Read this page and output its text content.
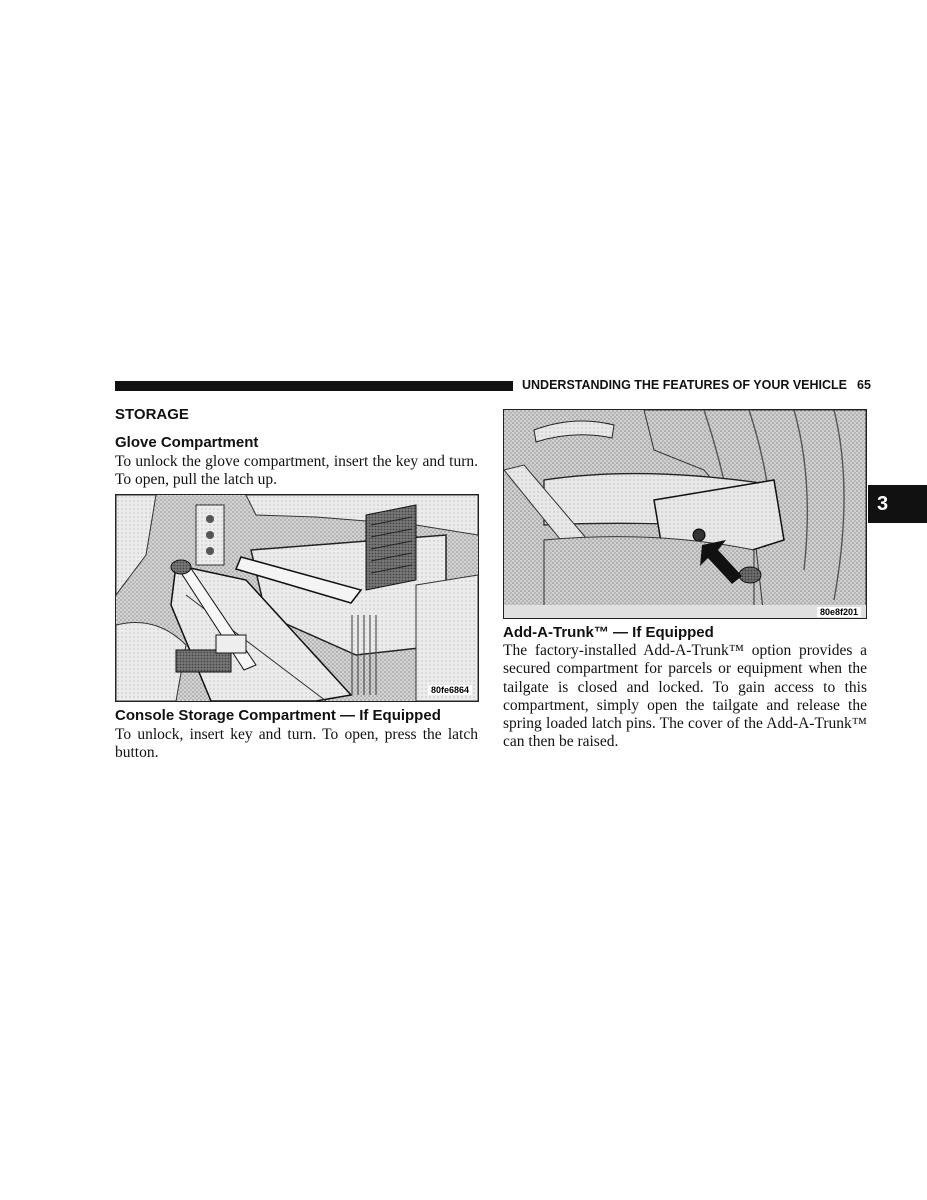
UNDERSTANDING THE FEATURES OF YOUR VEHICLE 65
3
STORAGE
Glove Compartment
To unlock the glove compartment, insert the key and turn. To open, pull the latch up.
80fe6864
Console Storage Compartment — If Equipped
To unlock, insert key and turn. To open, press the latch button.
80e8f201
Add-A-Trunk™ — If Equipped
The factory-installed Add-A-Trunk™ option provides a secured compartment for parcels or equipment when the tailgate is closed and locked. To gain access to this compartment, simply open the tailgate and release the spring loaded latch pins. The cover of the Add-A-Trunk™ can then be raised.
